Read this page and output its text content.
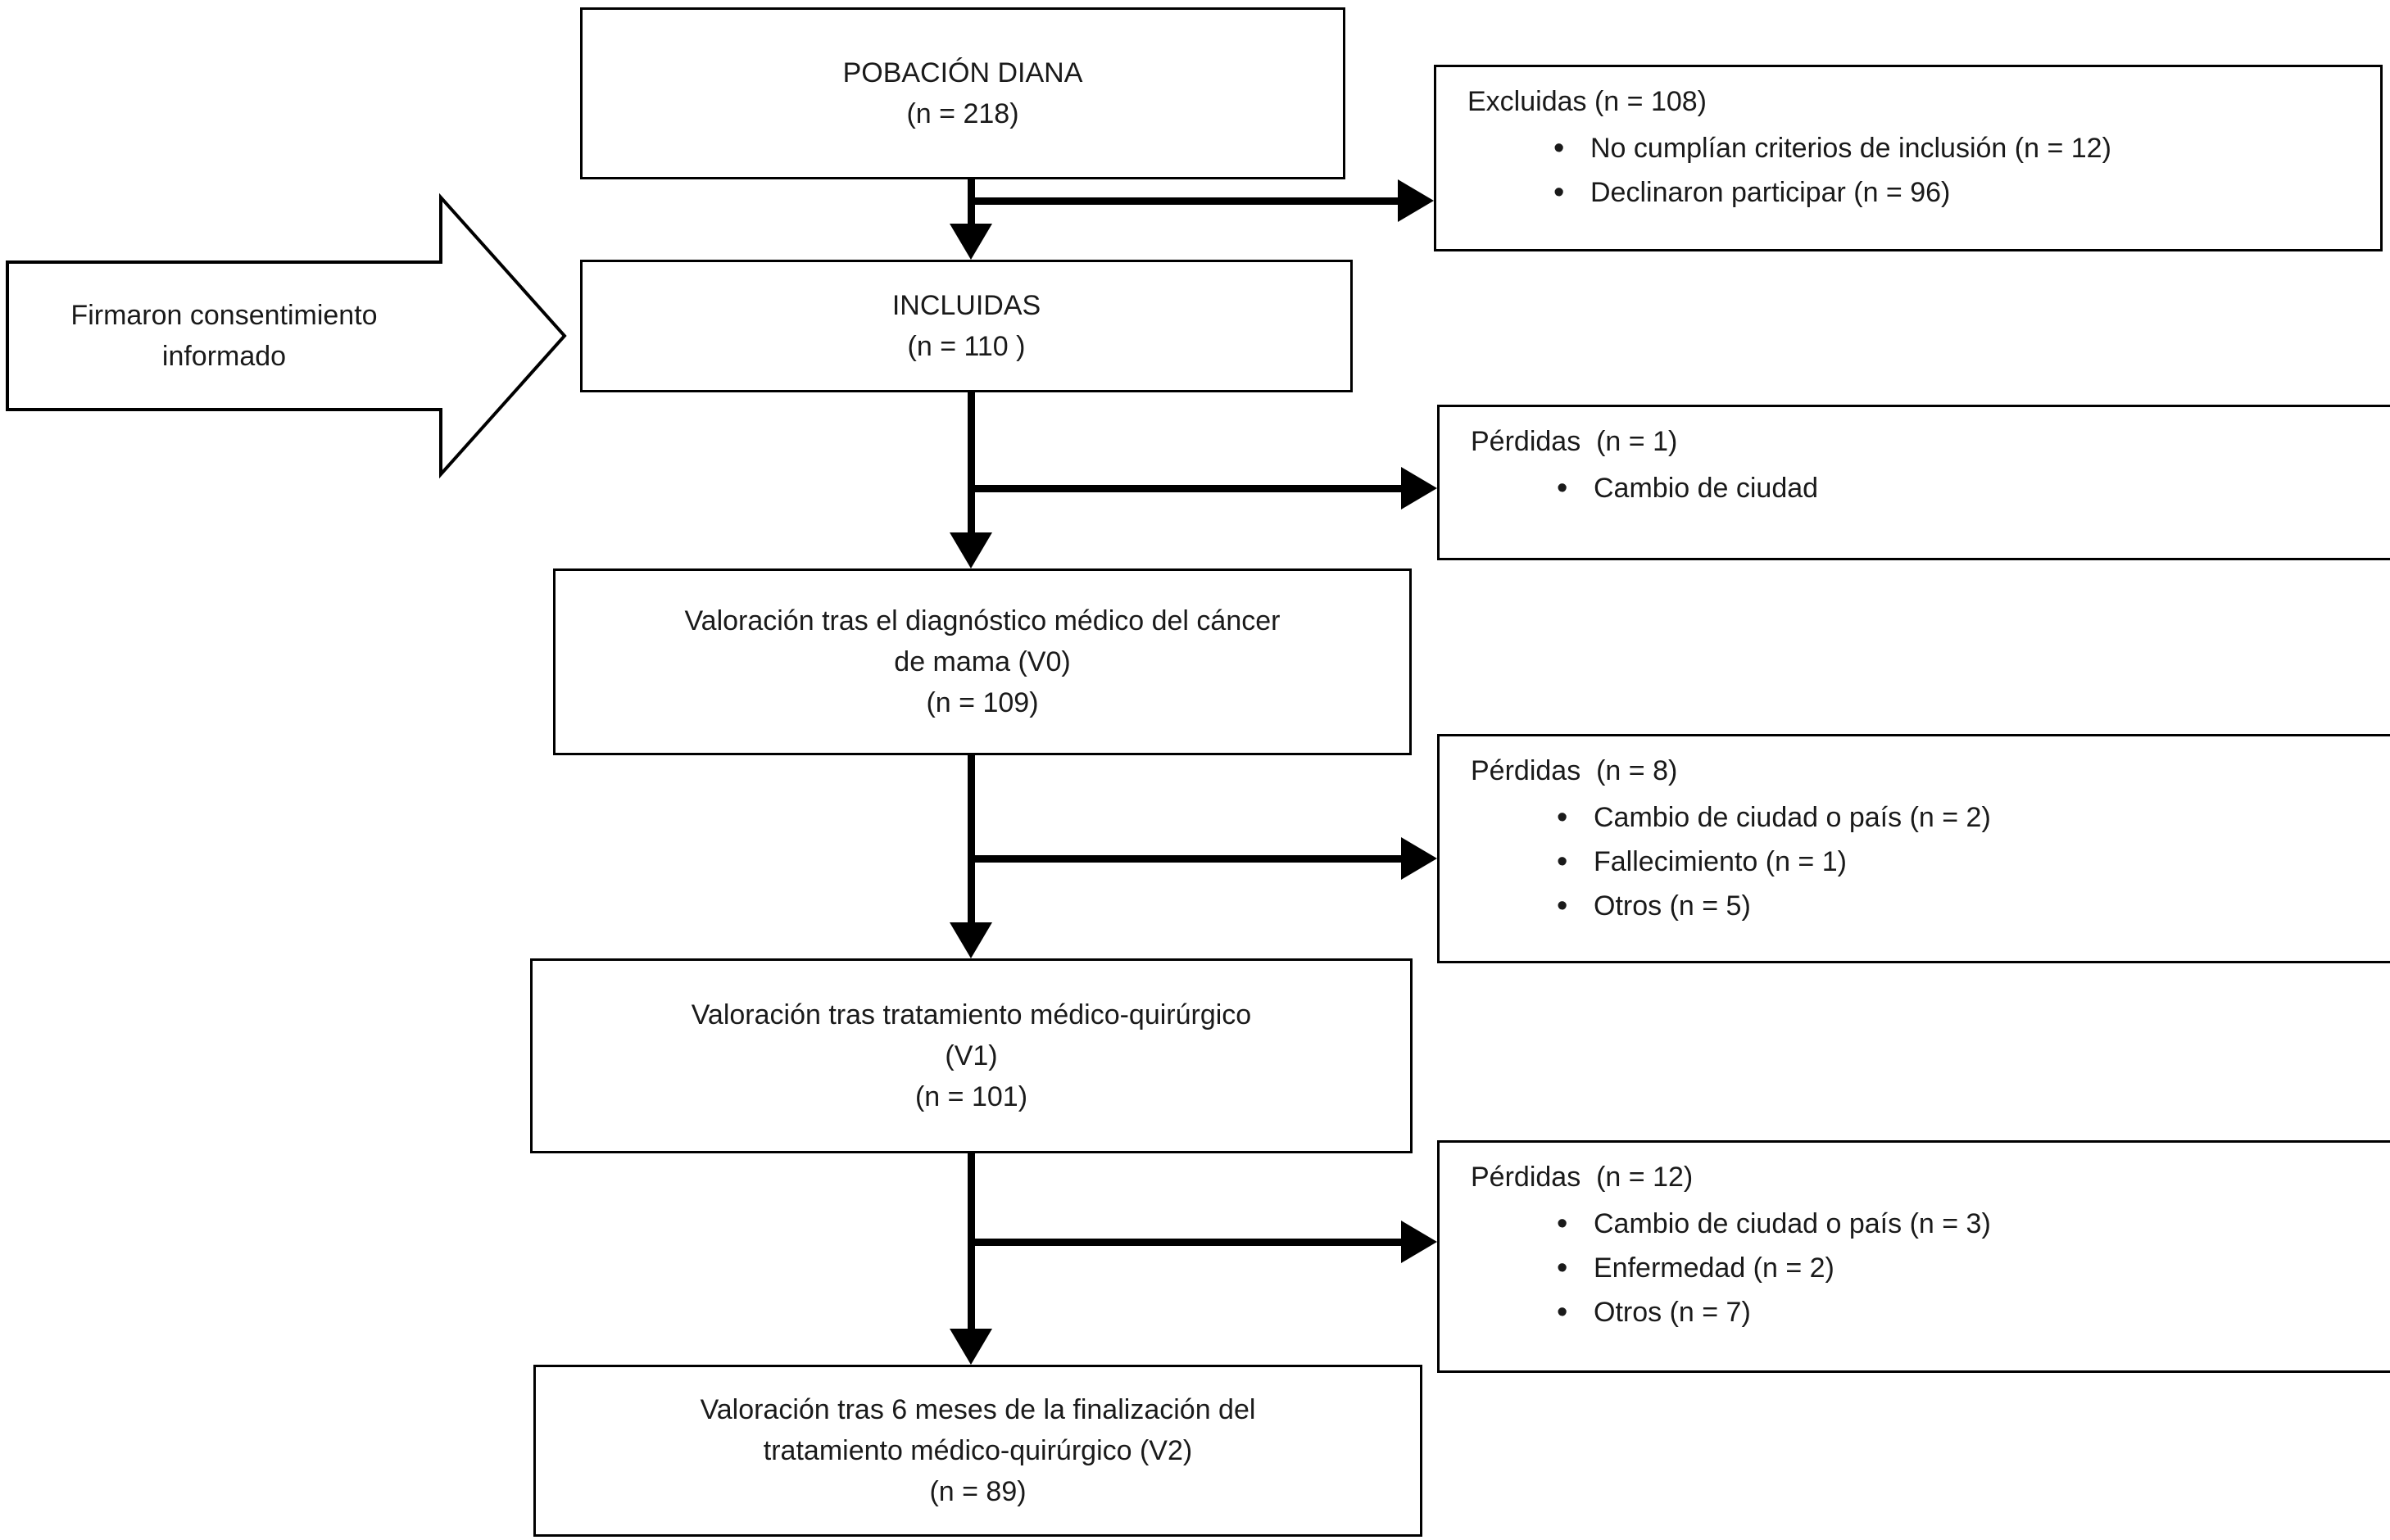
Firmaron consentimiento
informado
POBACIÓN DIANA
(n = 218)
INCLUIDAS
(n = 110 )
Valoración tras el diagnóstico médico del cáncer
de mama (V0)
(n = 109)
Valoración tras tratamiento médico-quirúrgico
(V1)
(n = 101)
Valoración tras 6 meses de la finalización del
tratamiento médico-quirúrgico (V2)
(n = 89)
Excluidas (n = 108)
• No cumplían criterios de inclusión (n = 12)
• Declinaron participar (n = 96)
Pérdidas  (n = 1)
• Cambio de ciudad
Pérdidas  (n = 8)
• Cambio de ciudad o país (n = 2)
• Fallecimiento (n = 1)
• Otros (n = 5)
Pérdidas  (n = 12)
• Cambio de ciudad o país (n = 3)
• Enfermedad (n = 2)
• Otros (n = 7)
